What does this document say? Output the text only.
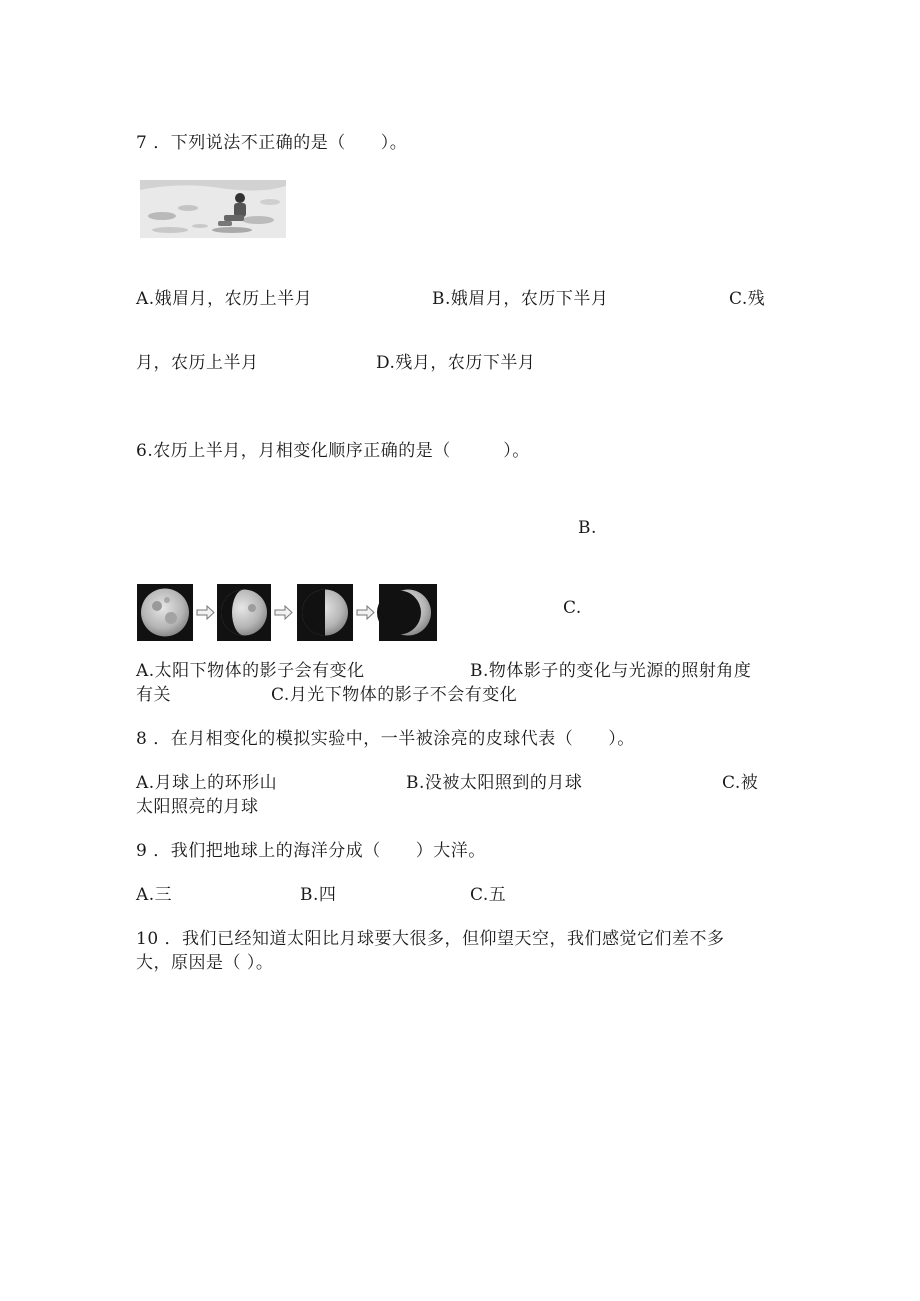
7 ．下列说法不正确的是（　　）。
A.娥眉月，农历上半月	B.娥眉月，农历下半月	C.残
月，农历上半月	D.残月，农历下半月
6.农历上半月，月相变化顺序正确的是（　　　）。
B.
C.
A.太阳下物体的影子会有变化	B.物体影子的变化与光源的照射角度
有关	C.月光下物体的影子不会有变化
8 ．在月相变化的模拟实验中，一半被涂亮的皮球代表（　　）。
A.月球上的环形山	B.没被太阳照到的月球	C.被
太阳照亮的月球
9 ．我们把地球上的海洋分成（　　）大洋。
A.三	B.四	C.五
10 ．我们已经知道太阳比月球要大很多，但仰望天空，我们感觉它们差不多
大，原因是（ ）。
